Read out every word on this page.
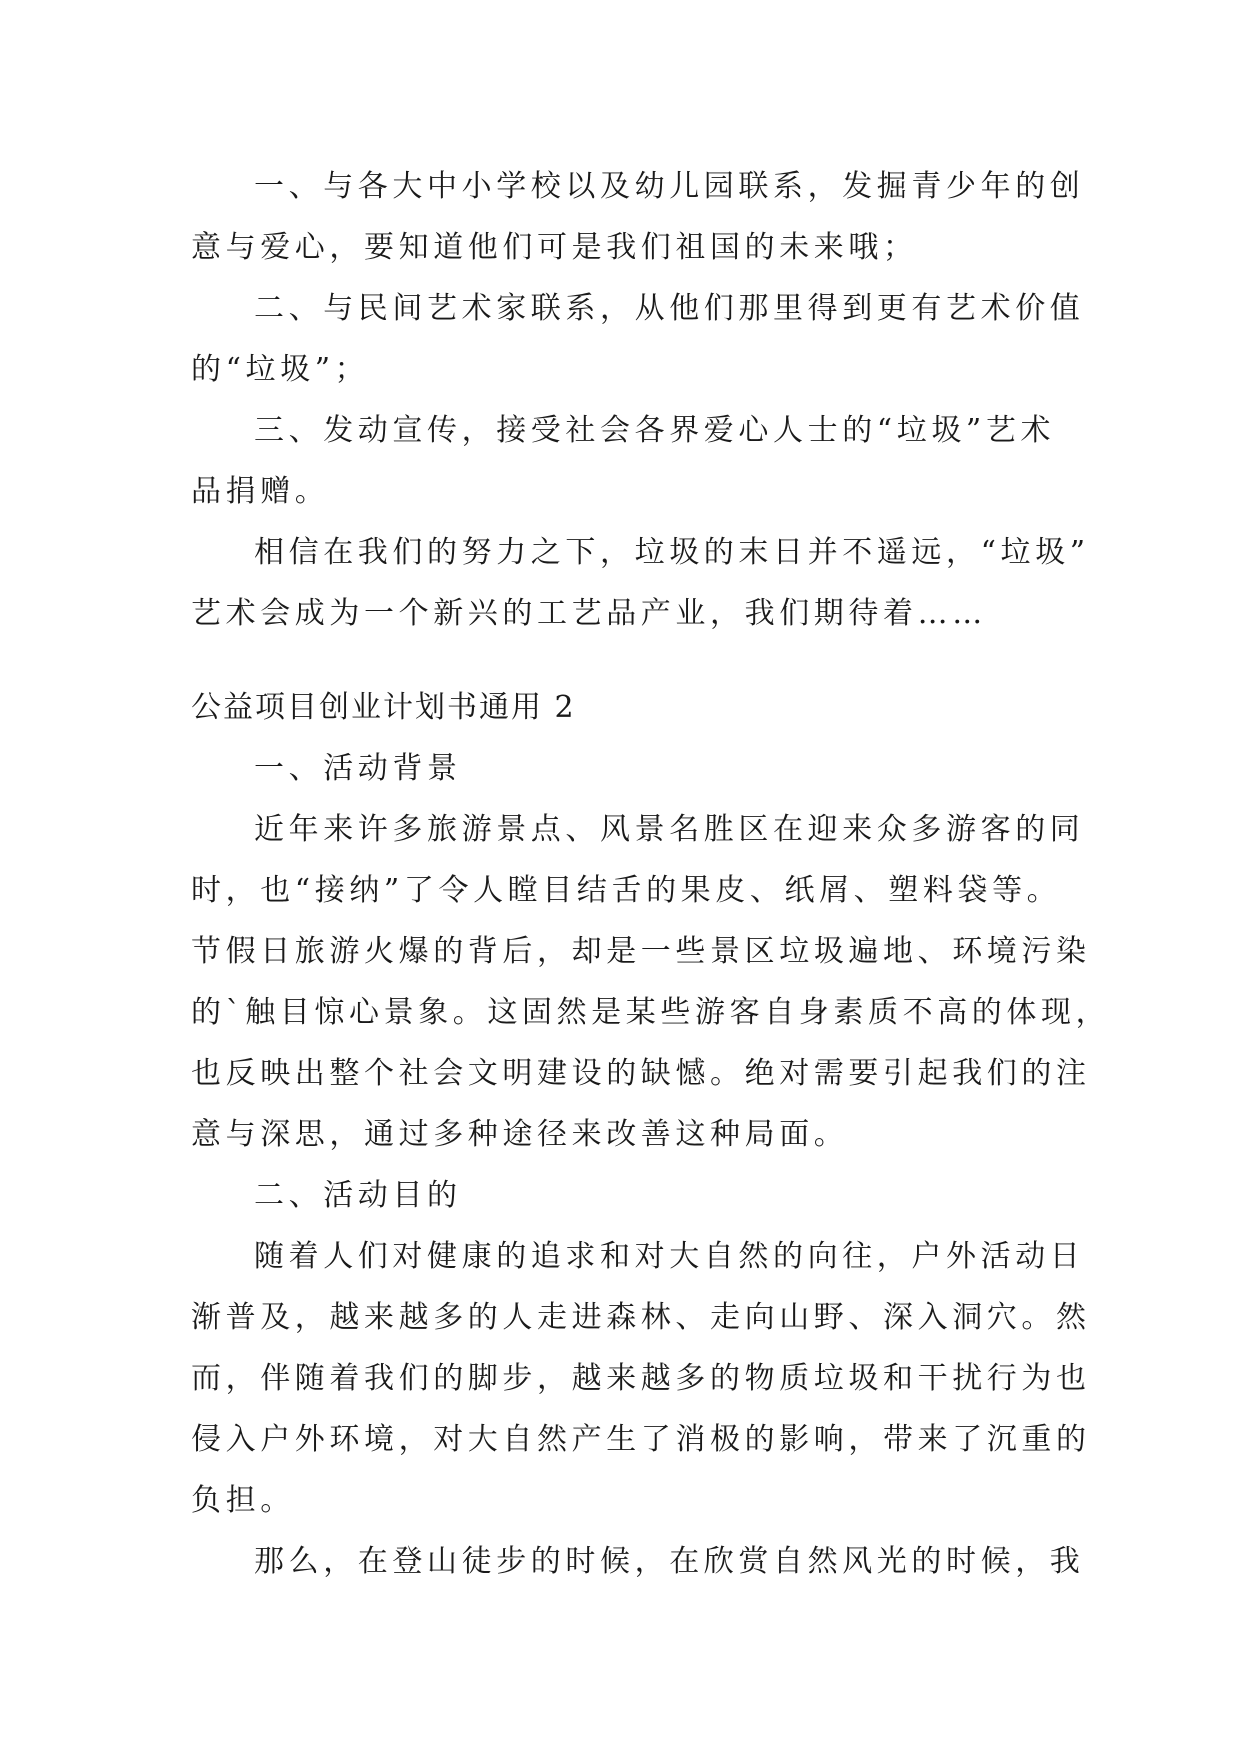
一、与各大中小学校以及幼儿园联系，发掘青少年的创
意与爱心，要知道他们可是我们祖国的未来哦；
二、与民间艺术家联系，从他们那里得到更有艺术价值
的“垃圾”；
三、发动宣传，接受社会各界爱心人士的“垃圾”艺术
品捐赠。
相信在我们的努力之下，垃圾的末日并不遥远，“垃圾”
艺术会成为一个新兴的工艺品产业，我们期待着……
公益项目创业计划书通用 2
一、活动背景
近年来许多旅游景点、风景名胜区在迎来众多游客的同
时，也“接纳”了令人瞠目结舌的果皮、纸屑、塑料袋等。
节假日旅游火爆的背后，却是一些景区垃圾遍地、环境污染
的`触目惊心景象。这固然是某些游客自身素质不高的体现，
也反映出整个社会文明建设的缺憾。绝对需要引起我们的注
意与深思，通过多种途径来改善这种局面。
二、活动目的
随着人们对健康的追求和对大自然的向往，户外活动日
渐普及，越来越多的人走进森林、走向山野、深入洞穴。然
而，伴随着我们的脚步，越来越多的物质垃圾和干扰行为也
侵入户外环境，对大自然产生了消极的影响，带来了沉重的
负担。
那么，在登山徒步的时候，在欣赏自然风光的时候，我
